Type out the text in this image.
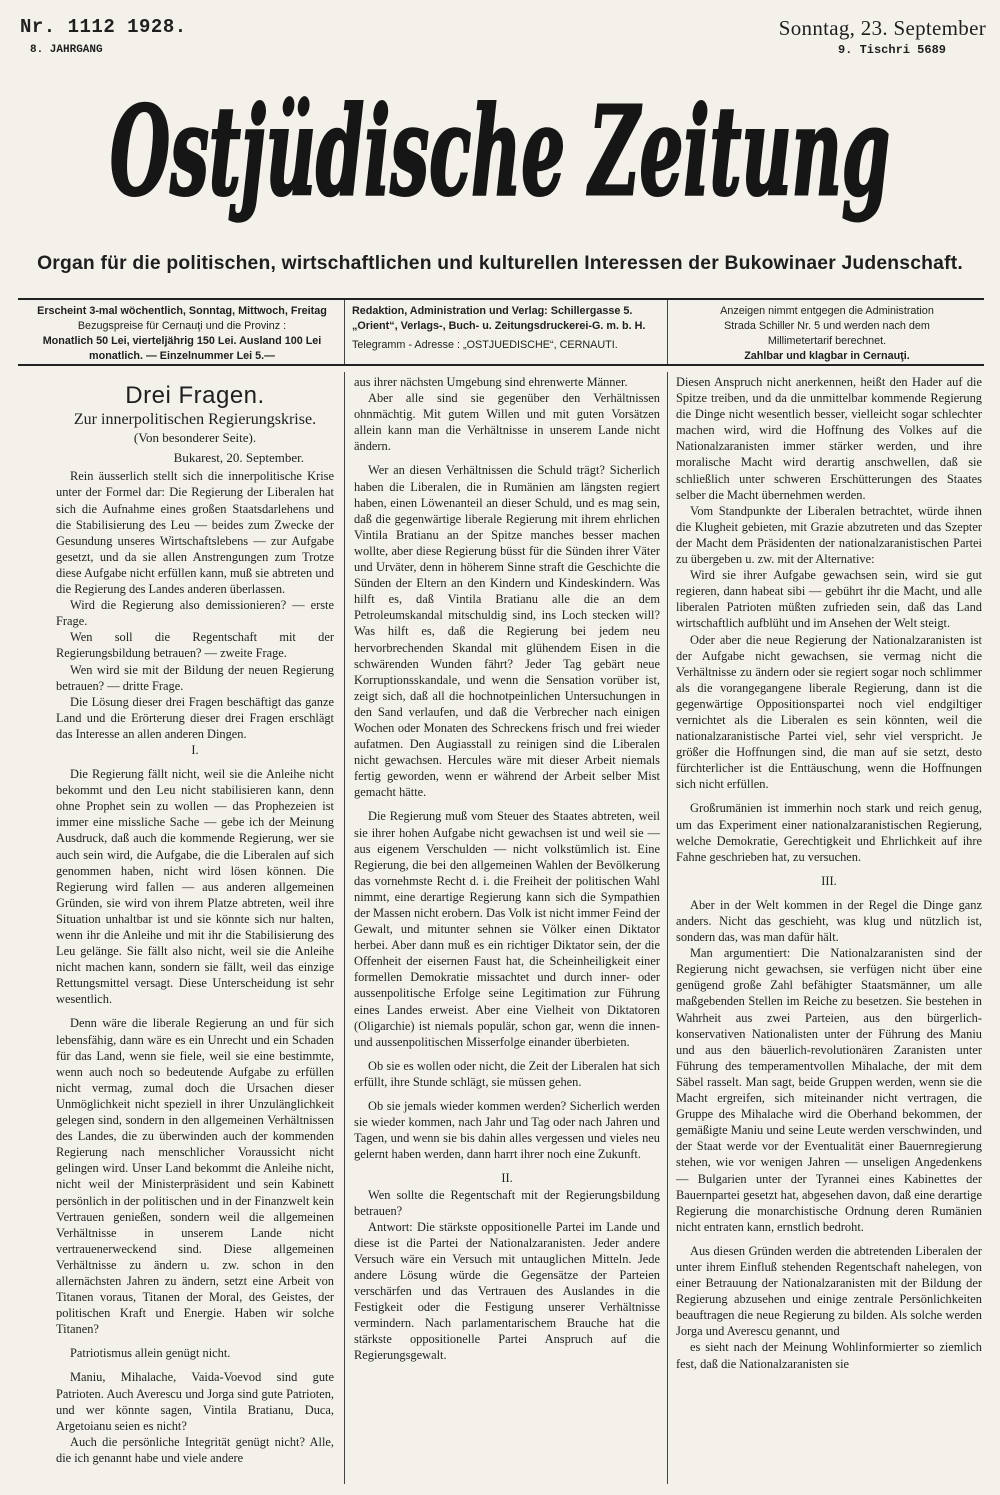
Nr. 1112 1928.
8. JAHRGANG
Sonntag, 23. September
9. Tischri 5689
Ostjüdische Zeitung
Organ für die politischen, wirtschaftlichen und kulturellen Interessen der Bukowinaer Judenschaft.

Erscheint 3-mal wöchentlich, Sonntag, Mittwoch, Freitag

Bezugspreise für Cernauţi und die Provinz :

Monatlich 50 Lei, vierteljährig 150 Lei. Ausland 100 Lei

monatlich. — Einzelnummer Lei 5.—

Redaktion, Administration und Verlag: Schillergasse 5.

„Orient“, Verlags-, Buch- u. Zeitungsdruckerei-G. m. b. H.

Telegramm - Adresse : „OSTJUEDISCHE“, CERNAUTI.

Anzeigen nimmt entgegen die Administration

Strada Schiller Nr. 5 und werden nach dem

Millimetertarif berechnet.

Zahlbar und klagbar in Cernauţi.

Drei Fragen.
Zur innerpolitischen Regierungskrise.
(Von besonderer Seite).
Bukarest, 20. September.

Rein äusserlich stellt sich die innerpolitische Krise unter der Formel dar: Die Regierung der Liberalen hat sich die Aufnahme eines großen Staatsdarlehens und die Stabilisierung des Leu — beides zum Zwecke der Gesundung unseres Wirtschaftslebens — zur Aufgabe gesetzt, und da sie allen Anstrengungen zum Trotze diese Aufgabe nicht erfüllen kann, muß sie abtreten und die Regierung des Landes anderen überlassen.

Wird die Regierung also demissionieren? — erste Frage.

Wen soll die Regentschaft mit der Regierungsbildung betrauen? — zweite Frage.

Wen wird sie mit der Bildung der neuen Regierung betrauen? — dritte Frage.

Die Lösung dieser drei Fragen beschäftigt das ganze Land und die Erörterung dieser drei Fragen erschlägt das Interesse an allen anderen Dingen.

I.

Die Regierung fällt nicht, weil sie die Anleihe nicht bekommt und den Leu nicht stabilisieren kann, denn ohne Prophet sein zu wollen — das Prophezeien ist immer eine missliche Sache — gebe ich der Meinung Ausdruck, daß auch die kommende Regierung, wer sie auch sein wird, die Aufgabe, die die Liberalen auf sich genommen haben, nicht wird lösen können. Die Regierung wird fallen — aus anderen allgemeinen Gründen, sie wird von ihrem Platze abtreten, weil ihre Situation unhaltbar ist und sie könnte sich nur halten, wenn ihr die Anleihe und mit ihr die Stabilisierung des Leu gelänge. Sie fällt also nicht, weil sie die Anleihe nicht machen kann, sondern sie fällt, weil das einzige Rettungsmittel versagt. Diese Unterscheidung ist sehr wesentlich.

Denn wäre die liberale Regierung an und für sich lebensfähig, dann wäre es ein Unrecht und ein Schaden für das Land, wenn sie fiele, weil sie eine bestimmte, wenn auch noch so bedeutende Aufgabe zu erfüllen nicht vermag, zumal doch die Ursachen dieser Unmöglichkeit nicht speziell in ihrer Unzulänglichkeit gelegen sind, sondern in den allgemeinen Verhältnissen des Landes, die zu überwinden auch der kommenden Regierung nach menschlicher Voraussicht nicht gelingen wird. Unser Land bekommt die Anleihe nicht, nicht weil der Ministerpräsident und sein Kabinett persönlich in der politischen und in der Finanzwelt kein Vertrauen genießen, sondern weil die allgemeinen Verhältnisse in unserem Lande nicht vertrauenerweckend sind. Diese allgemeinen Verhältnisse zu ändern u. zw. schon in den allernächsten Jahren zu ändern, setzt eine Arbeit von Titanen voraus, Titanen der Moral, des Geistes, der politischen Kraft und Energie. Haben wir solche Titanen?

Patriotismus allein genügt nicht.

Maniu, Mihalache, Vaida-Voevod sind gute Patrioten. Auch Averescu und Jorga sind gute Patrioten, und wer könnte sagen, Vintila Bratianu, Duca, Argetoianu seien es nicht?

Auch die persönliche Integrität genügt nicht? Alle, die ich genannt habe und viele andere

aus ihrer nächsten Umgebung sind ehrenwerte Männer.

Aber alle sind sie gegenüber den Verhältnissen ohnmächtig. Mit gutem Willen und mit guten Vorsätzen allein kann man die Verhältnisse in unserem Lande nicht ändern.

Wer an diesen Verhältnissen die Schuld trägt? Sicherlich haben die Liberalen, die in Rumänien am längsten regiert haben, einen Löwenanteil an dieser Schuld, und es mag sein, daß die gegenwärtige liberale Regierung mit ihrem ehrlichen Vintila Bratianu an der Spitze manches besser machen wollte, aber diese Regierung büsst für die Sünden ihrer Väter und Urväter, denn in höherem Sinne straft die Geschichte die Sünden der Eltern an den Kindern und Kindeskindern. Was hilft es, daß Vintila Bratianu alle die an dem Petroleumskandal mitschuldig sind, ins Loch stecken will? Was hilft es, daß die Regierung bei jedem neu hervorbrechenden Skandal mit glühendem Eisen in die schwärenden Wunden fährt? Jeder Tag gebärt neue Korruptionsskandale, und wenn die Sensation vorüber ist, zeigt sich, daß all die hochnotpeinlichen Untersuchungen in den Sand verlaufen, und daß die Verbrecher nach einigen Wochen oder Monaten des Schreckens frisch und frei wieder aufatmen. Den Augiasstall zu reinigen sind die Liberalen nicht gewachsen. Hercules wäre mit dieser Arbeit niemals fertig geworden, wenn er während der Arbeit selber Mist gemacht hätte.

Die Regierung muß vom Steuer des Staates abtreten, weil sie ihrer hohen Aufgabe nicht gewachsen ist und weil sie — aus eigenem Verschulden — nicht volkstümlich ist. Eine Regierung, die bei den allgemeinen Wahlen der Bevölkerung das vornehmste Recht d. i. die Freiheit der politischen Wahl nimmt, eine derartige Regierung kann sich die Sympathien der Massen nicht erobern. Das Volk ist nicht immer Feind der Gewalt, und mitunter sehnen sie Völker einen Diktator herbei. Aber dann muß es ein richtiger Diktator sein, der die Offenheit der eisernen Faust hat, die Scheinheiligkeit einer formellen Demokratie missachtet und durch inner- oder aussenpolitische Erfolge seine Legitimation zur Führung eines Landes erweist. Aber eine Vielheit von Diktatoren (Oligarchie) ist niemals populär, schon gar, wenn die innen- und aussenpolitischen Misserfolge einander überbieten.

Ob sie es wollen oder nicht, die Zeit der Liberalen hat sich erfüllt, ihre Stunde schlägt, sie müssen gehen.

Ob sie jemals wieder kommen werden? Sicherlich werden sie wieder kommen, nach Jahr und Tag oder nach Jahren und Tagen, und wenn sie bis dahin alles vergessen und vieles neu gelernt haben werden, dann harrt ihrer noch eine Zukunft.

II.

Wen sollte die Regentschaft mit der Regierungsbildung betrauen?

Antwort: Die stärkste oppositionelle Partei im Lande und diese ist die Partei der Nationalzaranisten. Jeder andere Versuch wäre ein Versuch mit untauglichen Mitteln. Jede andere Lösung würde die Gegensätze der Parteien verschärfen und das Vertrauen des Auslandes in die Festigkeit oder die Festigung unserer Verhältnisse vermindern. Nach parlamentarischem Brauche hat die stärkste oppositionelle Partei Anspruch auf die Regierungsgewalt.

Diesen Anspruch nicht anerkennen, heißt den Hader auf die Spitze treiben, und da die unmittelbar kommende Regierung die Dinge nicht wesentlich besser, vielleicht sogar schlechter machen wird, wird die Hoffnung des Volkes auf die Nationalzaranisten immer stärker werden, und ihre moralische Macht wird derartig anschwellen, daß sie schließlich unter schweren Erschütterungen des Staates selber die Macht übernehmen werden.

Vom Standpunkte der Liberalen betrachtet, würde ihnen die Klugheit gebieten, mit Grazie abzutreten und das Szepter der Macht dem Präsidenten der nationalzaranistischen Partei zu übergeben u. zw. mit der Alternative:

Wird sie ihrer Aufgabe gewachsen sein, wird sie gut regieren, dann habeat sibi — gebührt ihr die Macht, und alle liberalen Patrioten müßten zufrieden sein, daß das Land wirtschaftlich aufblüht und im Ansehen der Welt steigt.

Oder aber die neue Regierung der Nationalzaranisten ist der Aufgabe nicht gewachsen, sie vermag nicht die Verhältnisse zu ändern oder sie regiert sogar noch schlimmer als die vorangegangene liberale Regierung, dann ist die gegenwärtige Oppositionspartei noch viel endgiltiger vernichtet als die Liberalen es sein könnten, weil die nationalzaranistische Partei viel, sehr viel verspricht. Je größer die Hoffnungen sind, die man auf sie setzt, desto fürchterlicher ist die Enttäuschung, wenn die Hoffnungen sich nicht erfüllen.

Großrumänien ist immerhin noch stark und reich genug, um das Experiment einer nationalzaranistischen Regierung, welche Demokratie, Gerechtigkeit und Ehrlichkeit auf ihre Fahne geschrieben hat, zu versuchen.

III.

Aber in der Welt kommen in der Regel die Dinge ganz anders. Nicht das geschieht, was klug und nützlich ist, sondern das, was man dafür hält.

Man argumentiert: Die Nationalzaranisten sind der Regierung nicht gewachsen, sie verfügen nicht über eine genügend große Zahl befähigter Staatsmänner, um alle maßgebenden Stellen im Reiche zu besetzen. Sie bestehen in Wahrheit aus zwei Parteien, aus den bürgerlich-konservativen Nationalisten unter der Führung des Maniu und aus den bäuerlich-revolutionären Zaranisten unter Führung des temperamentvollen Mihalache, der mit dem Säbel rasselt. Man sagt, beide Gruppen werden, wenn sie die Macht ergreifen, sich miteinander nicht vertragen, die Gruppe des Mihalache wird die Oberhand bekommen, der gemäßigte Maniu und seine Leute werden verschwinden, und der Staat werde vor der Eventualität einer Bauernregierung stehen, wie vor wenigen Jahren — unseligen Angedenkens — Bulgarien unter der Tyrannei eines Kabinettes der Bauernpartei gesetzt hat, abgesehen davon, daß eine derartige Regierung die monarchistische Ordnung deren Rumänien nicht entraten kann, ernstlich bedroht.

Aus diesen Gründen werden die abtretenden Liberalen der unter ihrem Einfluß stehenden Regentschaft nahelegen, von einer Betrauung der Nationalzaranisten mit der Bildung der Regierung abzusehen und einige zentrale Persönlichkeiten beauftragen die neue Regierung zu bilden. Als solche werden Jorga und Averescu genannt, und

es sieht nach der Meinung Wohlinformierter so ziemlich fest, daß die Nationalzaranisten sie
